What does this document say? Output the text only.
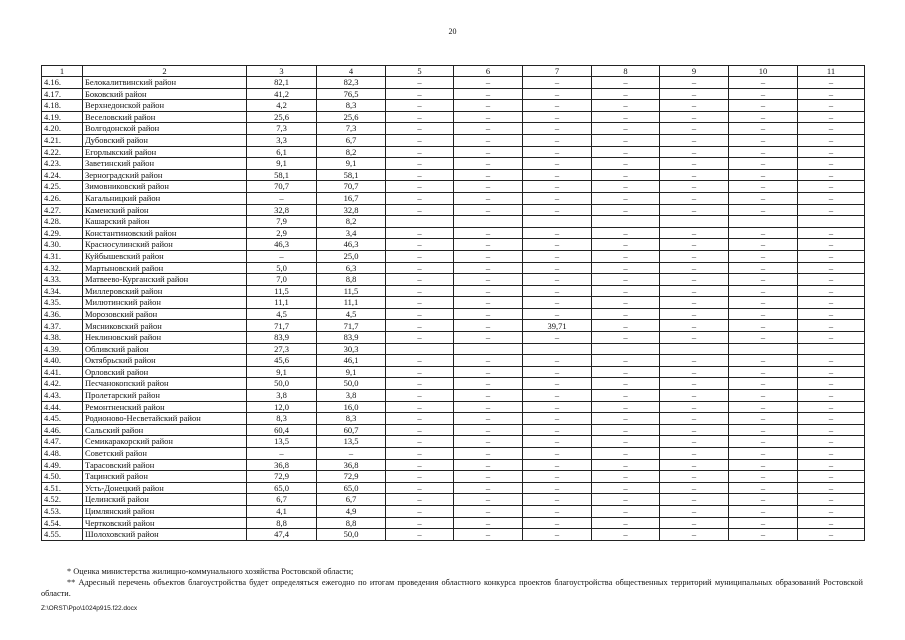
20
1	2	3	4	5	6	7	8	9	10	11
4.16.	Белокалитвинский район	82,1	82,3	–	–	–	–	–	–	–
4.17.	Боковский район	41,2	76,5	–	–	–	–	–	–	–
4.18.	Верхнедонской район	4,2	8,3	–	–	–	–	–	–	–
4.19.	Веселовский район	25,6	25,6	–	–	–	–	–	–	–
4.20.	Волгодонской район	7,3	7,3	–	–	–	–	–	–	–
4.21.	Дубовский район	3,3	6,7	–	–	–	–	–	–	–
4.22.	Егорлыкский район	6,1	8,2	–	–	–	–	–	–	–
4.23.	Заветинский район	9,1	9,1	–	–	–	–	–	–	–
4.24.	Зерноградский район	58,1	58,1	–	–	–	–	–	–	–
4.25.	Зимовниковский район	70,7	70,7	–	–	–	–	–	–	–
4.26.	Кагальницкий район	–	16,7	–	–	–	–	–	–	–
4.27.	Каменский район	32,8	32,8	–	–	–	–	–	–	–
4.28.	Кашарский район	7,9	8,2							
4.29.	Константиновский район	2,9	3,4	–	–	–	–	–	–	–
4.30.	Красносулинский район	46,3	46,3	–	–	–	–	–	–	–
4.31.	Куйбышевский район	–	25,0	–	–	–	–	–	–	–
4.32.	Мартыновский район	5,0	6,3	–	–	–	–	–	–	–
4.33.	Матвеево-Курганский район	7,0	8,8	–	–	–	–	–	–	–
4.34.	Миллеровский район	11,5	11,5	–	–	–	–	–	–	–
4.35.	Милютинский район	11,1	11,1	–	–	–	–	–	–	–
4.36.	Морозовский район	4,5	4,5	–	–	–	–	–	–	–
4.37.	Мясниковский район	71,7	71,7	–	–	39,71	–	–	–	–
4.38.	Неклиновский район	83,9	83,9	–	–	–	–	–	–	–
4.39.	Обливский район	27,3	30,3							
4.40.	Октябрьский район	45,6	46,1	–	–	–	–	–	–	–
4.41.	Орловский район	9,1	9,1	–	–	–	–	–	–	–
4.42.	Песчанокопский район	50,0	50,0	–	–	–	–	–	–	–
4.43.	Пролетарский район	3,8	3,8	–	–	–	–	–	–	–
4.44.	Ремонтненский район	12,0	16,0	–	–	–	–	–	–	–
4.45.	Родионово-Несветайский район	8,3	8,3	–	–	–	–	–	–	–
4.46.	Сальский район	60,4	60,7	–	–	–	–	–	–	–
4.47.	Семикаракорский район	13,5	13,5	–	–	–	–	–	–	–
4.48.	Советский район	–	–	–	–	–	–	–	–	–
4.49.	Тарасовский район	36,8	36,8	–	–	–	–	–	–	–
4.50.	Тацинский район	72,9	72,9	–	–	–	–	–	–	–
4.51.	Усть-Донецкий район	65,0	65,0	–	–	–	–	–	–	–
4.52.	Целинский район	6,7	6,7	–	–	–	–	–	–	–
4.53.	Цимлянский район	4,1	4,9	–	–	–	–	–	–	–
4.54.	Чертковский район	8,8	8,8	–	–	–	–	–	–	–
4.55.	Шолоховский район	47,4	50,0	–	–	–	–	–	–	–

* Оценка министерства жилищно-коммунального хозяйства Ростовской области;

** Адресный перечень объектов благоустройства будет определяться ежегодно по итогам проведения областного конкурса проектов благоустройства общественных территорий муниципальных образований Ростовской области.

Z:\ORST\Ppo\1024p915.f22.docx
